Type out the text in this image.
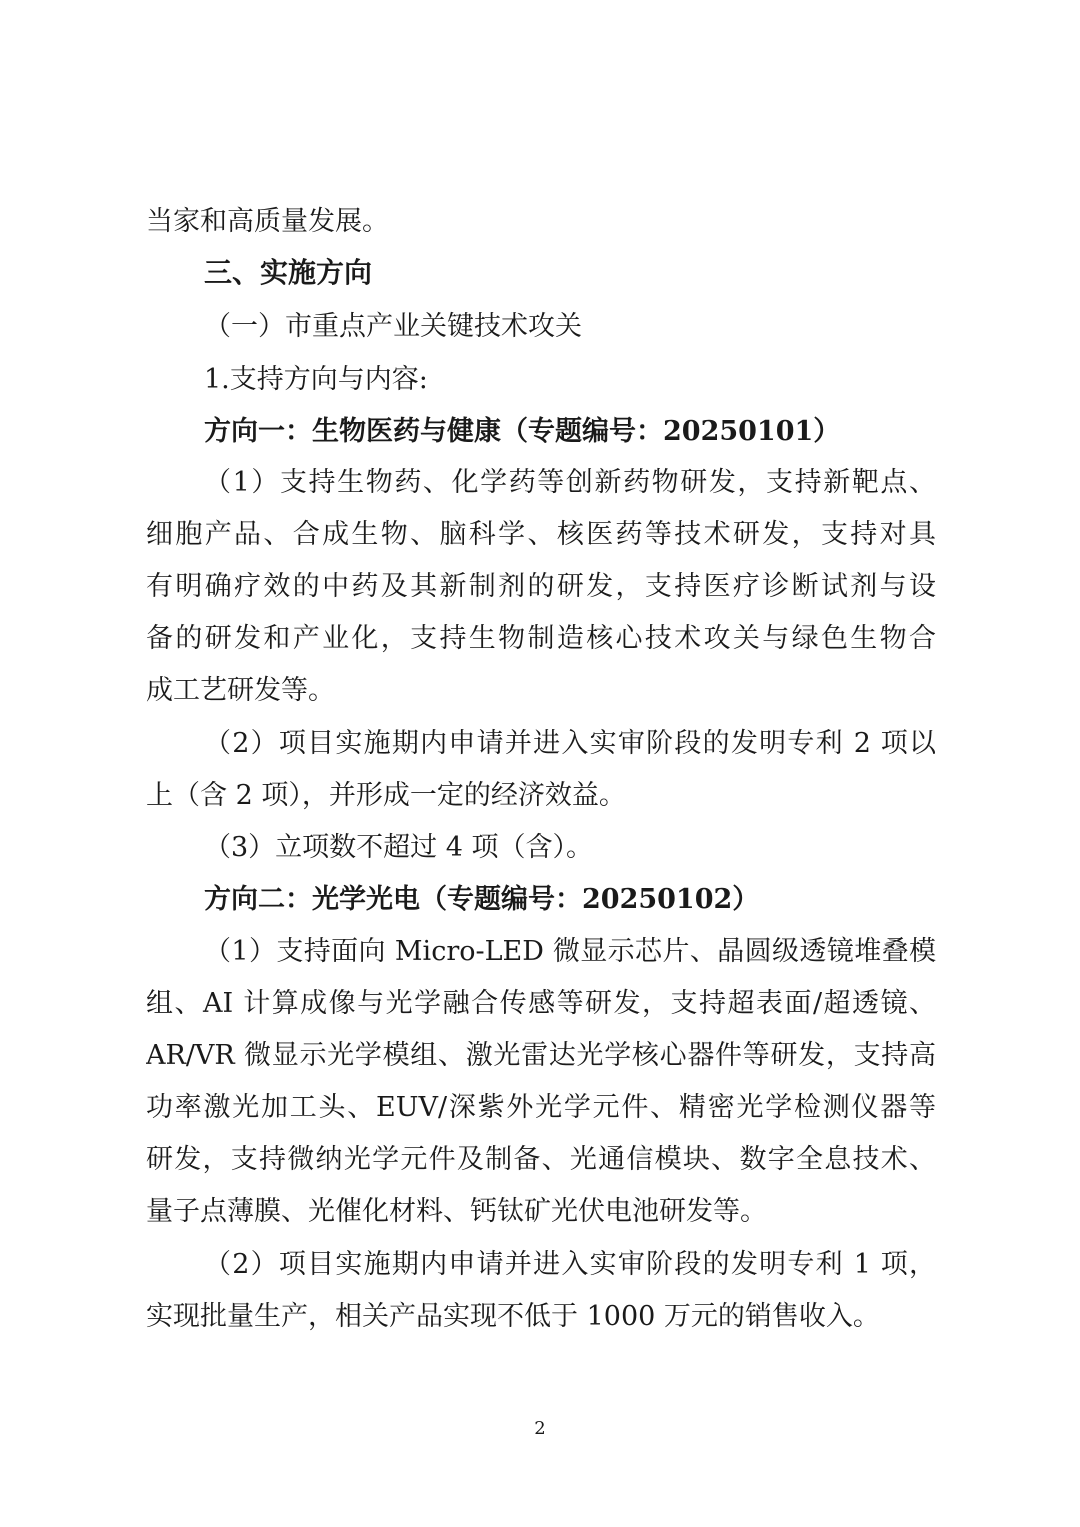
当家和高质量发展。
三、实施方向
（一）市重点产业关键技术攻关
1.支持方向与内容:
方向一：生物医药与健康（专题编号：20250101）
（1）支持生物药、化学药等创新药物研发，支持新靶点、
细胞产品、合成生物、脑科学、核医药等技术研发，支持对具
有明确疗效的中药及其新制剂的研发，支持医疗诊断试剂与设
备的研发和产业化，支持生物制造核心技术攻关与绿色生物合
成工艺研发等。
（2）项目实施期内申请并进入实审阶段的发明专利 2 项以
上（含 2 项），并形成一定的经济效益。
（3）立项数不超过 4 项（含）。
方向二：光学光电（专题编号：20250102）
（1）支持面向 Micro-LED 微显示芯片、晶圆级透镜堆叠模
组、AI 计算成像与光学融合传感等研发，支持超表面/超透镜、
AR/VR 微显示光学模组、激光雷达光学核心器件等研发，支持高
功率激光加工头、EUV/深紫外光学元件、精密光学检测仪器等
研发，支持微纳光学元件及制备、光通信模块、数字全息技术、
量子点薄膜、光催化材料、钙钛矿光伏电池研发等。
（2）项目实施期内申请并进入实审阶段的发明专利 1 项，
实现批量生产，相关产品实现不低于 1000 万元的销售收入。
2
